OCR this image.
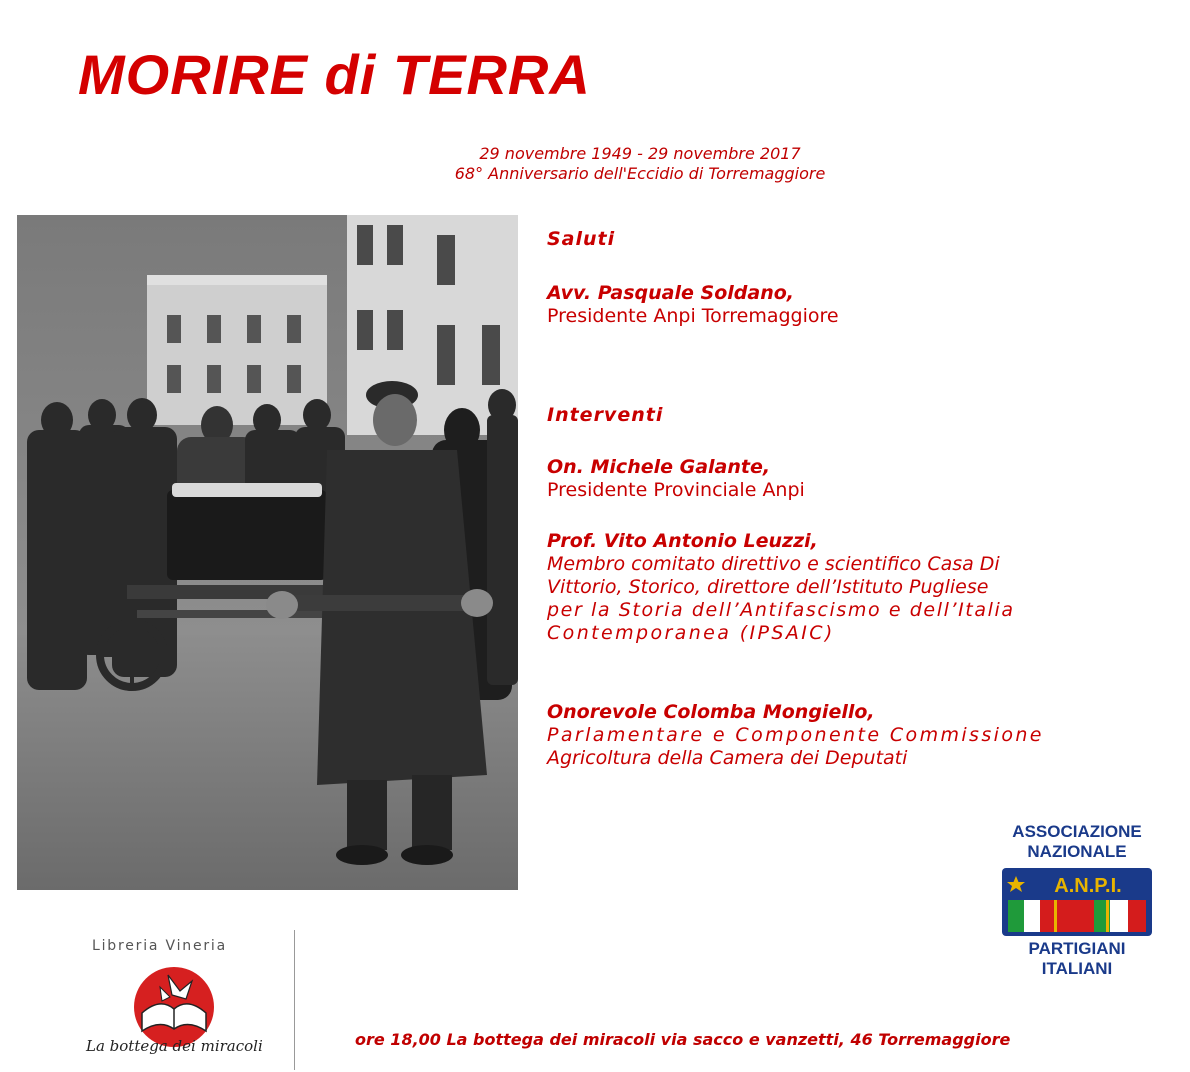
MORIRE di TERRA
29 novembre 1949 - 29 novembre 2017
68° Anniversario dell'Eccidio di Torremaggiore
Saluti
Avv. Pasquale Soldano,
Presidente Anpi Torremaggiore
Interventi
On. Michele Galante,
Presidente Provinciale Anpi
Prof. Vito Antonio Leuzzi,
Membro comitato direttivo e scientifico Casa Di
Vittorio, Storico, direttore dell’Istituto Pugliese
per la Storia dell’Antifascismo e dell’Italia
Contemporanea (IPSAIC)
Onorevole Colomba Mongiello,
Parlamentare e Componente Commissione
Agricoltura della Camera dei Deputati
ASSOCIAZIONE
NAZIONALE
A.N.P.I.
PARTIGIANI
ITALIANI
Libreria Vineria
La bottega dei miracoli	ore 18,00 La bottega dei miracoli via sacco e vanzetti, 46 Torremaggiore
